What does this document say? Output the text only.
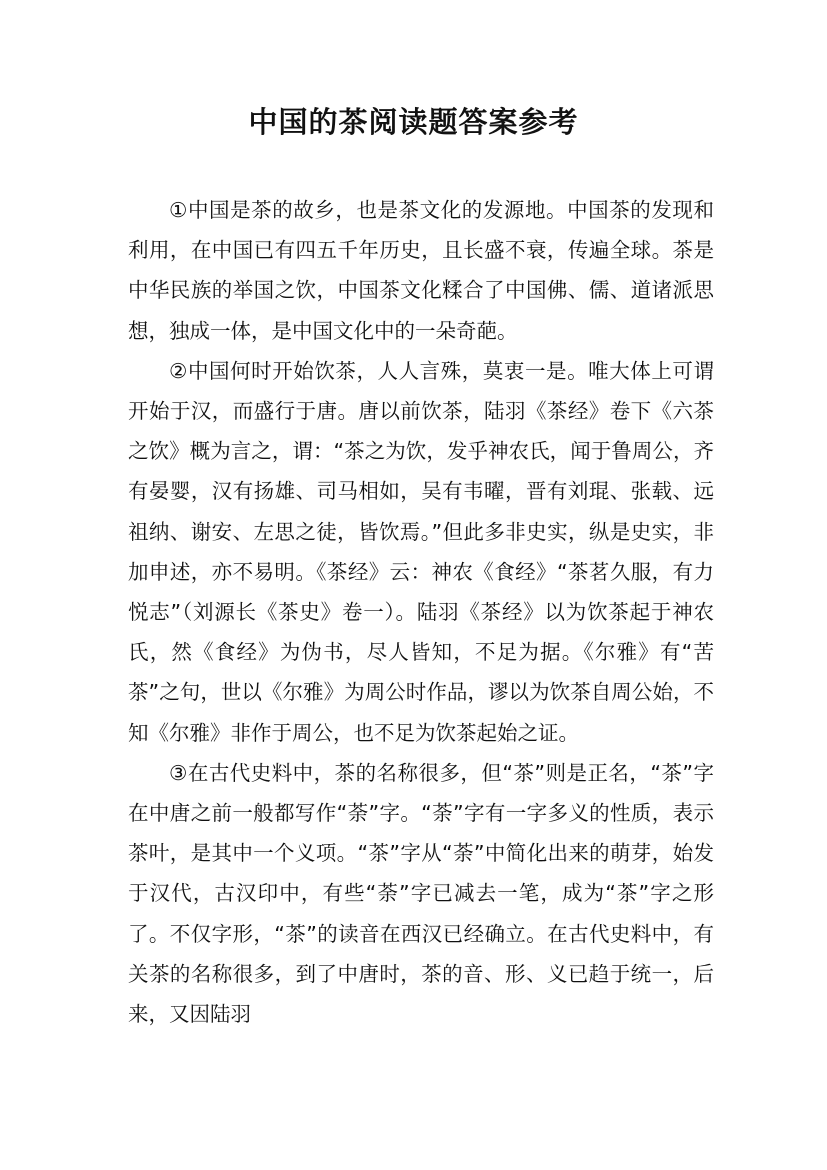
中国的茶阅读题答案参考

①中国是茶的故乡，也是茶文化的发源地。中国茶的发现和利用，在中国已有四五千年历史，且长盛不衰，传遍全球。茶是中华民族的举国之饮，中国茶文化糅合了中国佛、儒、道诸派思想，独成一体，是中国文化中的一朵奇葩。

②中国何时开始饮茶，人人言殊，莫衷一是。唯大体上可谓开始于汉，而盛行于唐。唐以前饮茶，陆羽《茶经》卷下《六茶之饮》概为言之，谓：“茶之为饮，发乎神农氏，闻于鲁周公，齐有晏婴，汉有扬雄、司马相如，吴有韦曜，晋有刘琨、张载、远祖纳、谢安、左思之徒，皆饮焉。”但此多非史实，纵是史实，非加申述，亦不易明。《茶经》云：神农《食经》“茶茗久服，有力悦志”（刘源长《茶史》卷一）。陆羽《茶经》以为饮茶起于神农氏，然《食经》为伪书，尽人皆知，不足为据。《尔雅》有“苦茶”之句，世以《尔雅》为周公时作品，谬以为饮茶自周公始，不知《尔雅》非作于周公，也不足为饮茶起始之证。

③在古代史料中，茶的名称很多，但“茶”则是正名，“茶”字在中唐之前一般都写作“荼”字。“荼”字有一字多义的性质，表示茶叶，是其中一个义项。“茶”字从“荼”中简化出来的萌芽，始发于汉代，古汉印中，有些“荼”字已减去一笔，成为“茶”字之形了。不仅字形，“茶”的读音在西汉已经确立。在古代史料中，有关茶的名称很多，到了中唐时，茶的音、形、义已趋于统一，后来，又因陆羽
